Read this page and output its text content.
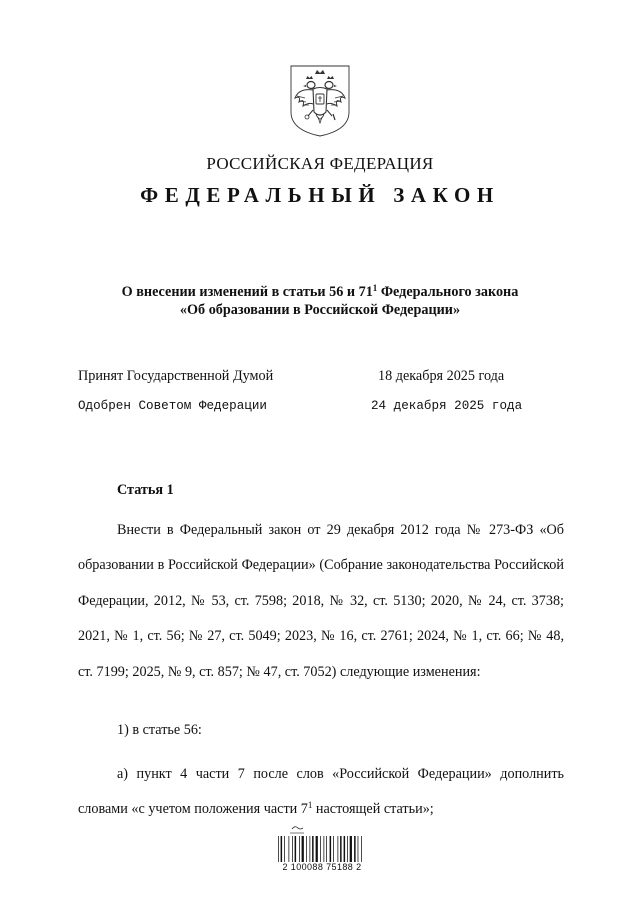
РОССИЙСКАЯ ФЕДЕРАЦИЯ
ФЕДЕРАЛЬНЫЙ ЗАКОН
О внесении изменений в статьи 56 и $71^1$ Федерального закона
«Об образовании в Российской Федерации»
Принят Государственной Думой	18 декабря 2025 года
Одобрен Советом Федерации	24 декабря 2025 года
Статья 1

Внести в Федеральный закон от 29 декабря 2012 года № 273-ФЗ «Об образовании в Российской Федерации» (Собрание законодательства Российской Федерации, 2012, № 53, ст. 7598; 2018, № 32, ст. 5130; 2020, № 24, ст. 3738; 2021, № 1, ст. 56; № 27, ст. 5049; 2023, № 16, ст. 2761; 2024, № 1, ст. 66; № 48, ст. 7199; 2025, № 9, ст. 857; № 47, ст. 7052) следующие изменения:

1) в статье 56:

а) пункт 4 части 7 после слов «Российской Федерации» дополнить словами «с учетом положения части $7^1$ настоящей статьи»;

2 100088 75188 2
